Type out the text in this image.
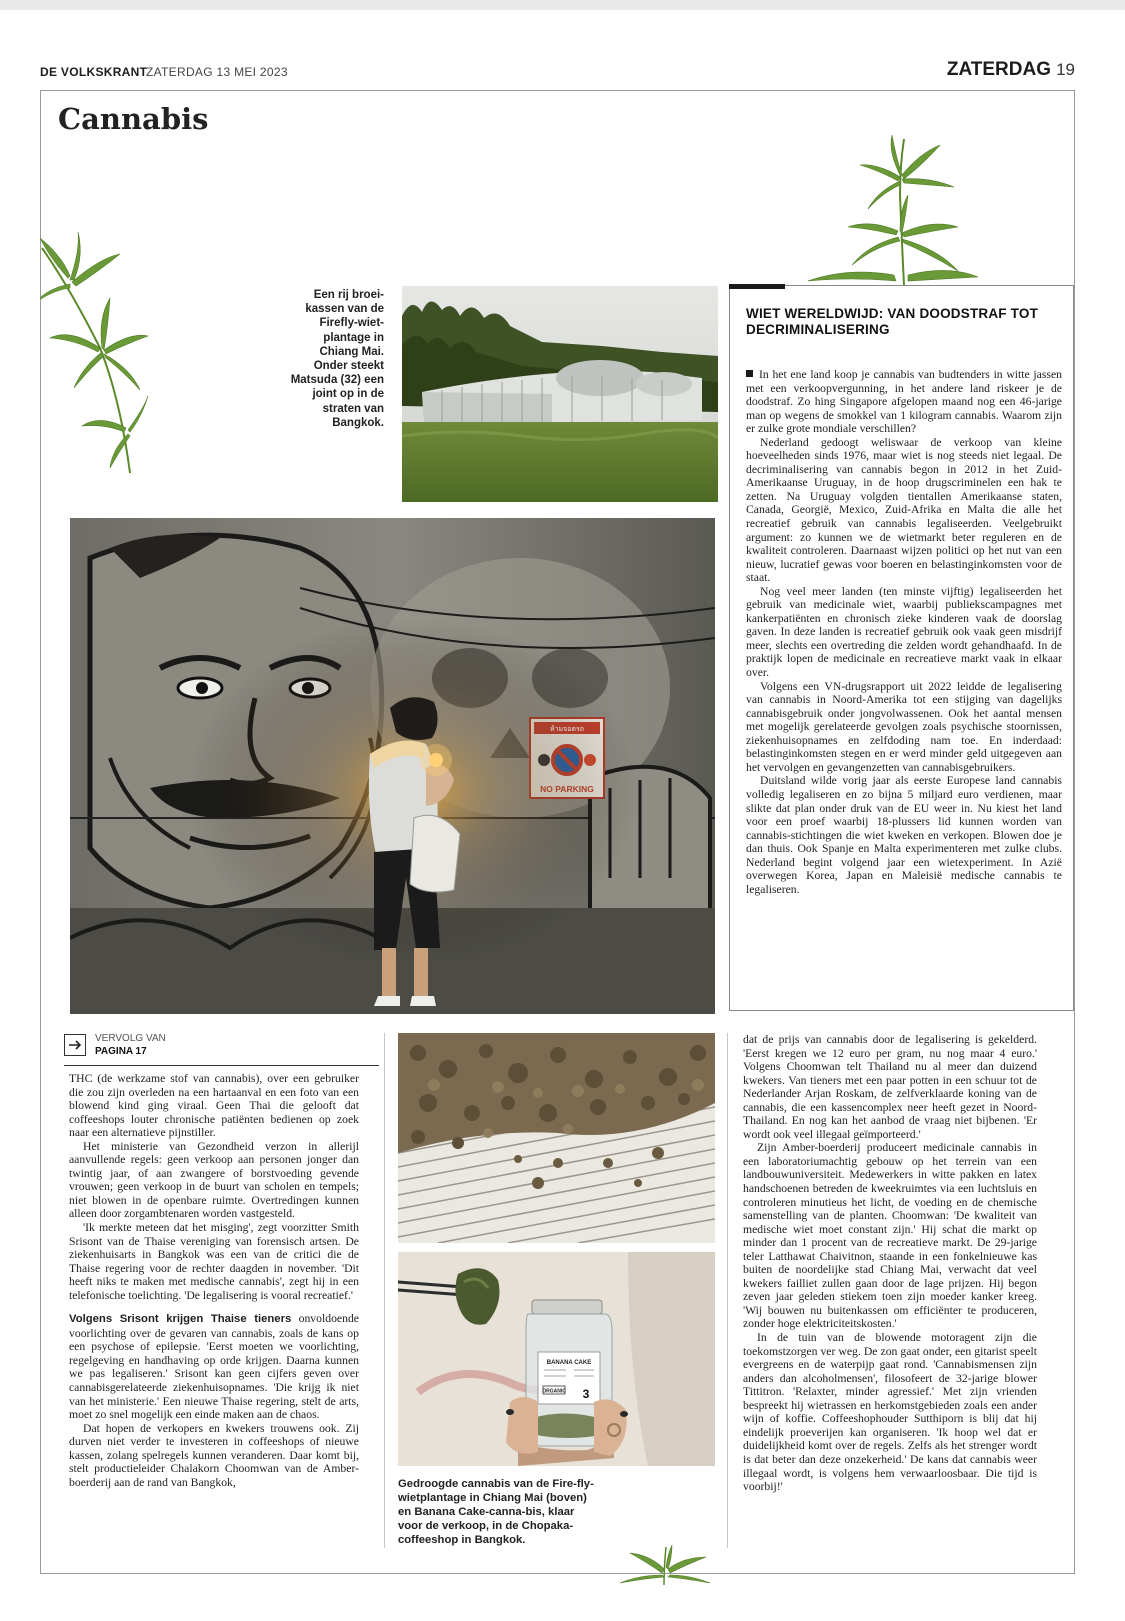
DE VOLKSKRANT
ZATERDAG 13 MEI 2023	ZATERDAG 19
Cannabis
Een rij broei-kassen van de Firefly-wiet-plantage in Chiang Mai. Onder steekt Matsuda (32) een joint op in de straten van Bangkok.
WIET WERELDWIJD: VAN DOODSTRAF TOT DECRIMINALISERING

In het ene land koop je cannabis van budtenders in witte jassen met een verkoopvergunning, in het andere land riskeer je de doodstraf. Zo hing Singapore afgelopen maand nog een 46-jarige man op wegens de smokkel van 1 kilogram cannabis. Waarom zijn er zulke grote mondiale verschillen?

Nederland gedoogt weliswaar de verkoop van kleine hoeveelheden sinds 1976, maar wiet is nog steeds niet legaal. De decriminalisering van cannabis begon in 2012 in het Zuid-Amerikaanse Uruguay, in de hoop drugscriminelen een hak te zetten. Na Uruguay volgden tientallen Amerikaanse staten, Canada, Georgië, Mexico, Zuid-Afrika en Malta die alle het recreatief gebruik van cannabis legaliseerden. Veelgebruikt argument: zo kunnen we de wietmarkt beter reguleren en de kwaliteit controleren. Daarnaast wijzen politici op het nut van een nieuw, lucratief gewas voor boeren en belastinginkomsten voor de staat.

Nog veel meer landen (ten minste vijftig) legaliseerden het gebruik van medicinale wiet, waarbij publiekscampagnes met kankerpatiënten en chronisch zieke kinderen vaak de doorslag gaven. In deze landen is recreatief gebruik ook vaak geen misdrijf meer, slechts een overtreding die zelden wordt gehandhaafd. In de praktijk lopen de medicinale en recreatieve markt vaak in elkaar over.

Volgens een VN-drugsrapport uit 2022 leidde de legalisering van cannabis in Noord-Amerika tot een stijging van dagelijks cannabisgebruik onder jongvolwassenen. Ook het aantal mensen met mogelijk gerelateerde gevolgen zoals psychische stoornissen, ziekenhuisopnames en zelfdoding nam toe. En inderdaad: belastinginkomsten stegen en er werd minder geld uitgegeven aan het vervolgen en gevangenzetten van cannabisgebruikers.

Duitsland wilde vorig jaar als eerste Europese land cannabis volledig legaliseren en zo bijna 5 miljard euro verdienen, maar slikte dat plan onder druk van de EU weer in. Nu kiest het land voor een proef waarbij 18-plussers lid kunnen worden van cannabis-stichtingen die wiet kweken en verkopen. Blowen doe je dan thuis. Ook Spanje en Malta experimenteren met zulke clubs. Nederland begint volgend jaar een wietexperiment. In Azië overwegen Korea, Japan en Maleisië medische cannabis te legaliseren.

VERVOLG VAN
PAGINA 17

THC (de werkzame stof van cannabis), over een gebruiker die zou zijn overleden na een hartaanval en een foto van een blowend kind ging viraal. Geen Thai die gelooft dat coffeeshops louter chronische patiënten bedienen op zoek naar een alternatieve pijnstiller.

Het ministerie van Gezondheid verzon in allerijl aanvullende regels: geen verkoop aan personen jonger dan twintig jaar, of aan zwangere of borstvoeding gevende vrouwen; geen verkoop in de buurt van scholen en tempels; niet blowen in de openbare ruimte. Overtredingen kunnen alleen door zorgambtenaren worden vastgesteld.

'Ik merkte meteen dat het misging', zegt voorzitter Smith Srisont van de Thaise vereniging van forensisch artsen. De ziekenhuisarts in Bangkok was een van de critici die de Thaise regering voor de rechter daagden in november. 'Dit heeft niks te maken met medische cannabis', zegt hij in een telefonische toelichting. 'De legalisering is vooral recreatief.'

Volgens Srisont krijgen Thaise tieners onvoldoende voorlichting over de gevaren van cannabis, zoals de kans op een psychose of epilepsie. 'Eerst moeten we voorlichting, regelgeving en handhaving op orde krijgen. Daarna kunnen we pas legaliseren.' Srisont kan geen cijfers geven over cannabisgerelateerde ziekenhuisopnames. 'Die krijg ik niet van het ministerie.' Een nieuwe Thaise regering, stelt de arts, moet zo snel mogelijk een einde maken aan de chaos.

Dat hopen de verkopers en kwekers trouwens ook. Zij durven niet verder te investeren in coffeeshops of nieuwe kassen, zolang spelregels kunnen veranderen. Daar komt bij, stelt productieleider Chalakorn Choomwan van de Amber-boerderij aan de rand van Bangkok,

BANANA CAKE
ORGANIC 3
Gedroogde cannabis van de Fire-fly-wietplantage in Chiang Mai (boven) en Banana Cake-canna-bis, klaar voor de verkoop, in de Chopaka-coffeeshop in Bangkok.

dat de prijs van cannabis door de legalisering is gekelderd. 'Eerst kregen we 12 euro per gram, nu nog maar 4 euro.' Volgens Choomwan telt Thailand nu al meer dan duizend kwekers. Van tieners met een paar potten in een schuur tot de Nederlander Arjan Roskam, de zelfverklaarde koning van de cannabis, die een kassencomplex neer heeft gezet in Noord-Thailand. En nog kan het aanbod de vraag niet bijbenen. 'Er wordt ook veel illegaal geïmporteerd.'

Zijn Amber-boerderij produceert medicinale cannabis in een laboratoriumachtig gebouw op het terrein van een landbouwuniversiteit. Medewerkers in witte pakken en latex handschoenen betreden de kweekruimtes via een luchtsluis en controleren minutieus het licht, de voeding en de chemische samenstelling van de planten. Choomwan: 'De kwaliteit van medische wiet moet constant zijn.' Hij schat die markt op minder dan 1 procent van de recreatieve markt. De 29-jarige teler Latthawat Chaivitnon, staande in een fonkelnieuwe kas buiten de noordelijke stad Chiang Mai, verwacht dat veel kwekers failliet zullen gaan door de lage prijzen. Hij begon zeven jaar geleden stiekem toen zijn moeder kanker kreeg. 'Wij bouwen nu buitenkassen om efficiënter te produceren, zonder hoge elektriciteitskosten.'

In de tuin van de blowende motoragent zijn die toekomstzorgen ver weg. De zon gaat onder, een gitarist speelt evergreens en de waterpijp gaat rond. 'Cannabismensen zijn anders dan alcoholmensen', filosofeert de 32-jarige blower Tittitron. 'Relaxter, minder agressief.' Met zijn vrienden bespreekt hij wietrassen en herkomstgebieden zoals een ander wijn of koffie. Coffeeshophouder Sutthiporn is blij dat hij eindelijk proeverijen kan organiseren. 'Ik hoop wel dat er duidelijkheid komt over de regels. Zelfs als het strenger wordt is dat beter dan deze onzekerheid.' De kans dat cannabis weer illegaal wordt, is volgens hem verwaarloosbaar. Die tijd is voorbij!'
